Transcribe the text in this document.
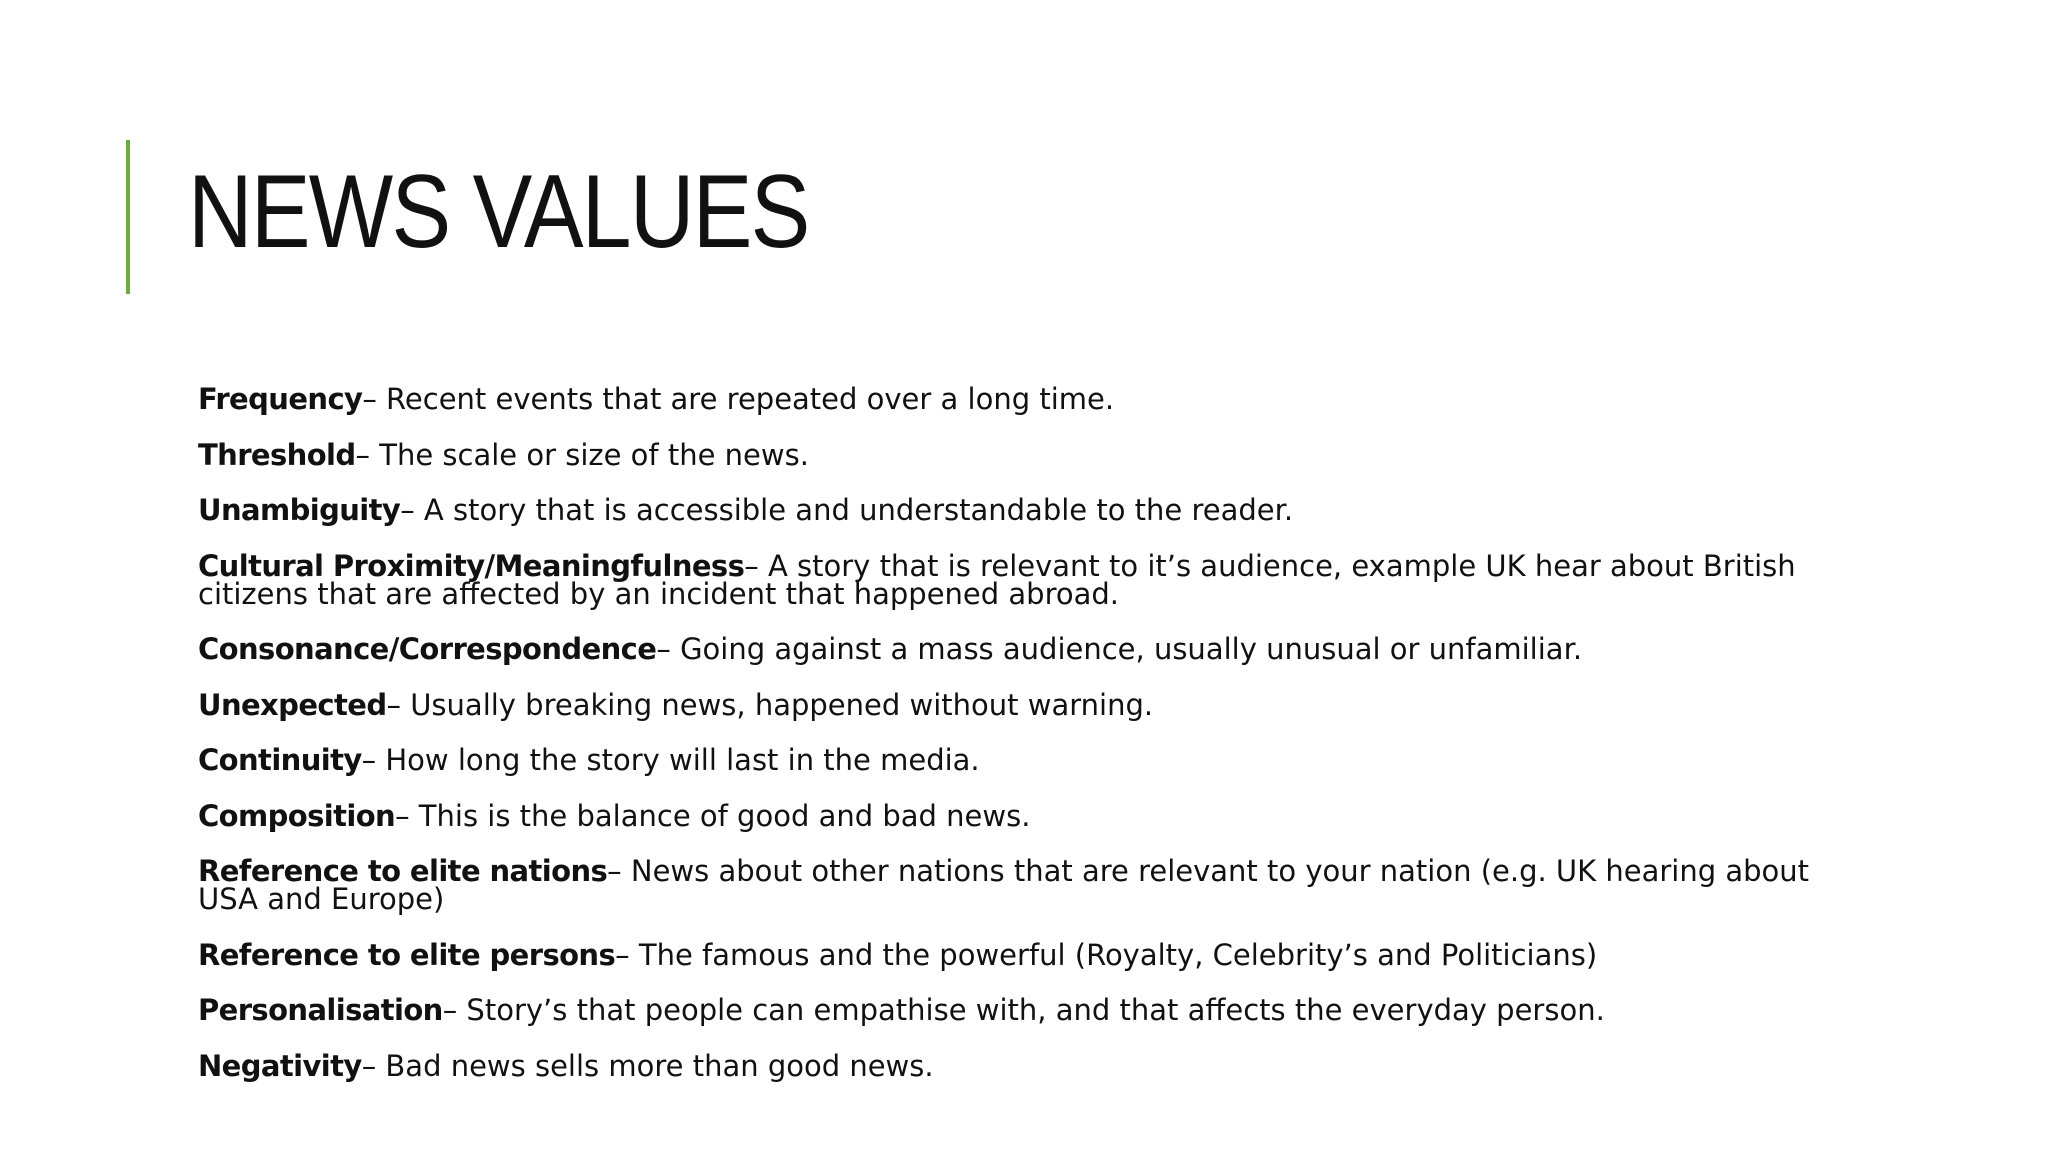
NEWS VALUES
Frequency– Recent events that are repeated over a long time.
Threshold– The scale or size of the news.
Unambiguity– A story that is accessible and understandable to the reader.
Cultural Proximity/Meaningfulness– A story that is relevant to it’s audience, example UK hear about British citizens that are affected by an incident that happened abroad.
Consonance/Correspondence– Going against a mass audience, usually unusual or unfamiliar.
Unexpected– Usually breaking news, happened without warning.
Continuity– How long the story will last in the media.
Composition– This is the balance of good and bad news.
Reference to elite nations– News about other nations that are relevant to your nation (e.g. UK hearing about USA and Europe)
Reference to elite persons– The famous and the powerful (Royalty, Celebrity’s and Politicians)
Personalisation– Story’s that people can empathise with, and that affects the everyday person.
Negativity– Bad news sells more than good news.
